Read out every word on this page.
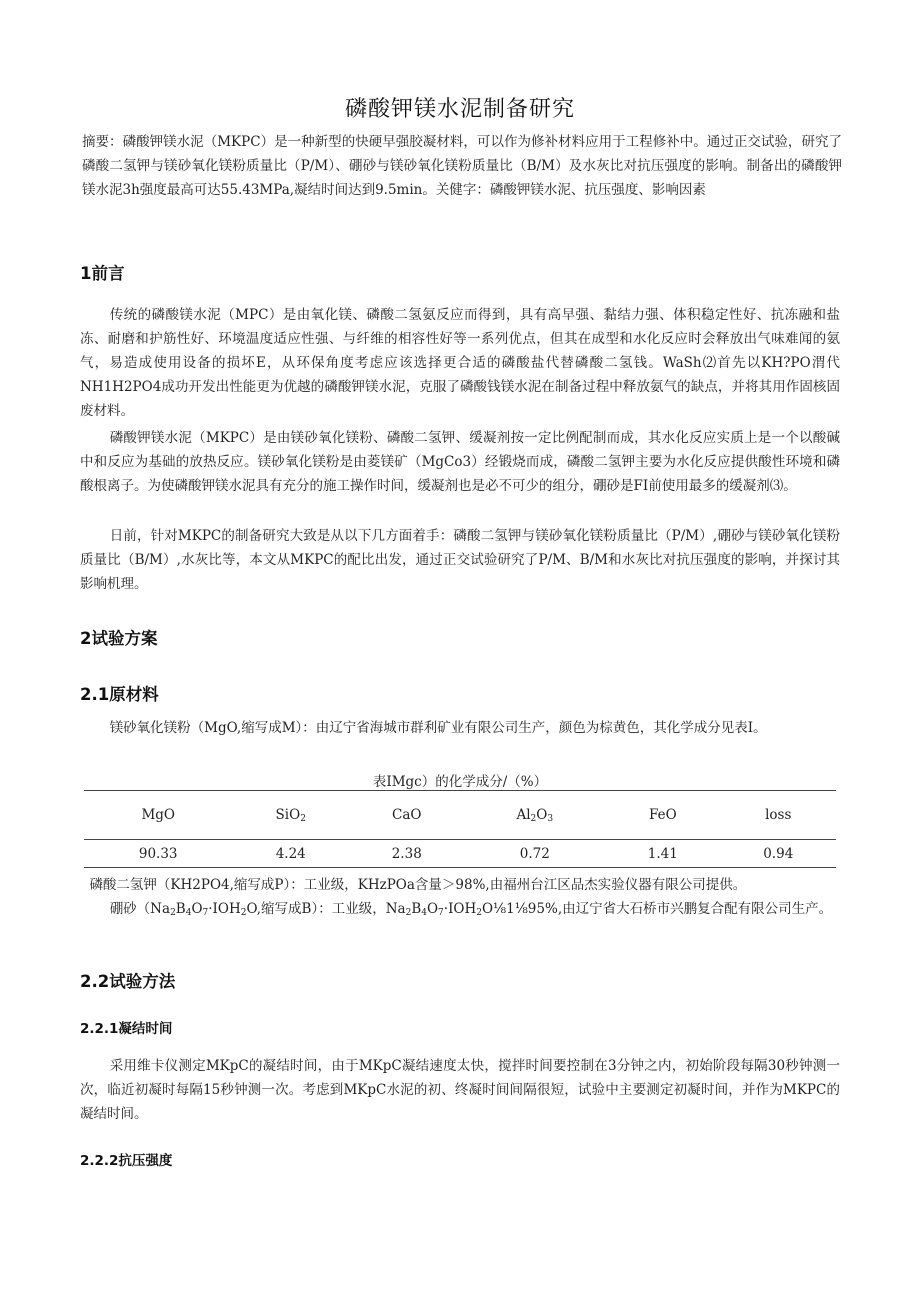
磷酸钾镁水泥制备研究
摘要：磷酸钾镁水泥（MKPC）是一种新型的快硬早强胶凝材料，可以作为修补材料应用于工程修补中。通过正交试验，研究了磷酸二氢钾与镁砂氧化镁粉质量比（P/M）、硼砂与镁砂氧化镁粉质量比（B/M）及水灰比对抗压强度的影响。制备出的磷酸钾镁水泥3h强度最高可达55.43MPa,凝结时间达到9.5min。关健字：磷酸钾镁水泥、抗压强度、影响因素
1前言
传统的磷酸镁水泥（MPC）是由氧化镁、磷酸二氢氨反应而得到，具有高早强、黏结力强、体积稳定性好、抗冻融和盐冻、耐磨和护筋性好、环境温度适应性强、与纤维的相容性好等一系列优点，但其在成型和水化反应时会释放出气味难闻的氨气，易造成使用设备的损坏E，从环保角度考虑应该选择更合适的磷酸盐代替磷酸二氢钱。WaSh⑵首先以KH?PO渭代NH1H2PO4成功开发出性能更为优越的磷酸钾镁水泥，克服了磷酸钱镁水泥在制备过程中释放氨气的缺点，并将其用作固核固废材料。
磷酸钾镁水泥（MKPC）是由镁砂氧化镁粉、磷酸二氢钾、缓凝剂按一定比例配制而成，其水化反应实质上是一个以酸碱中和反应为基础的放热反应。镁砂氧化镁粉是由菱镁矿（MgCo3）经锻烧而成，磷酸二氢钾主要为水化反应提供酸性环境和磷酸根离子。为使磷酸钾镁水泥具有充分的施工操作时间，缓凝剂也是必不可少的组分，硼砂是FI前使用最多的缓凝剂⑶。
日前，针对MKPC的制备研究大致是从以下几方面着手：磷酸二氢钾与镁砂氧化镁粉质量比（P/M）,硼砂与镁砂氧化镁粉质量比（B/M）,水灰比等，本文从MKPC的配比出发，通过正交试验研究了P/M、B/M和水灰比对抗压强度的影响，并探讨其影响机理。
2试验方案
2.1原材料
镁砂氧化镁粉（MgO,缩写成M）：由辽宁省海城市群利矿业有限公司生产，颜色为棕黄色，其化学成分见表I。
表IMgc）的化学成分/（%）
MgO	SiO$_2$	CaO	$Al_2O_3$	FeO	loss
90.33	4.24	2.38	0.72	1.41	0.94
磷酸二氢钾（KH2PO4,缩写成P）：工业级，KHzPOa含量＞98%,由福州台江区品杰实验仪器有限公司提供。
硼砂（$Na_2B_4O_7\cdot IOH_2O$,缩写成B）：工业级，$Na_2B_4O_7\cdot IOH_2O\frac{1}{8}1\frac{1}{8}95\%$,由辽宁省大石桥市兴鹏复合配有限公司生产。
2.2试验方法
2.2.1凝结时间
采用维卡仪测定MKpC的凝结时间，由于MKpC凝结速度太快，搅拌时间要控制在3分钟之内，初始阶段每隔30秒钟测一次，临近初凝时每隔15秒钟测一次。考虑到MKpC水泥的初、终凝时间间隔很短，试验中主要测定初凝时间，并作为MKPC的凝结时间。
2.2.2抗压强度
